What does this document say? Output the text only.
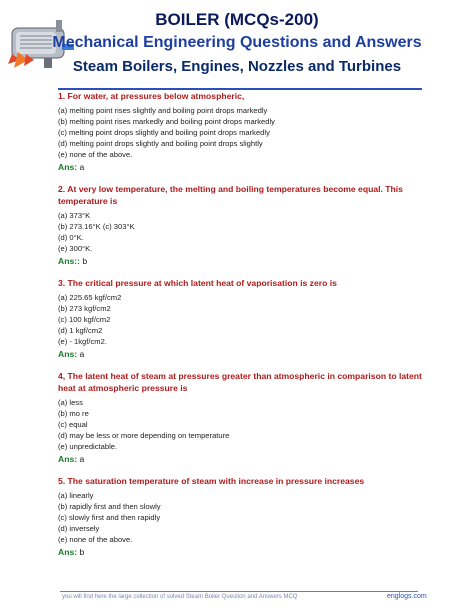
BOILER (MCQs-200)
Mechanical Engineering Questions and Answers
Steam Boilers, Engines, Nozzles and Turbines
1. For water, at pressures below atmospheric,
(a) melting point rises slightly and boiling point drops markedly
(b) melting point rises markedly and boiling point drops markedly
(c) melting point drops slightly and boiling point drops markedly
(d) melting point drops slightly and boiling point drops slightly
(e) none of the above.
Ans: a
2. At very low temperature, the melting and boiling temperatures become equal. This temperature is
(a) 373°K
(b) 273.16°K (c) 303°K
(d) 0°K.
(e) 300°K.
Ans:: b
3. The critical pressure at which latent heat of vaporisation is zero is
(a) 225.65 kgf/cm2
(b) 273 kgf/cm2
(c) 100 kgf/cm2
(d) 1 kgf/cm2
(e) - 1kgf/cm2.
Ans: a
4, The latent heat of steam at pressures greater than atmospheric in comparison to latent heat at atmospheric pressure is
(a) less
(b) mo re
(c) equal
(d) may be less or more depending on temperature
(e) unpredictable.
Ans: a
5. The saturation temperature of steam with increase in pressure increases
(a) linearly
(b) rapidly first and then slowly
(c) slowly first and then rapidly
(d) inversely
(e) none of the above.
Ans: b
you will find here the large collection of solved Steam Boiler Question and Answers MCQ	englogs.com
